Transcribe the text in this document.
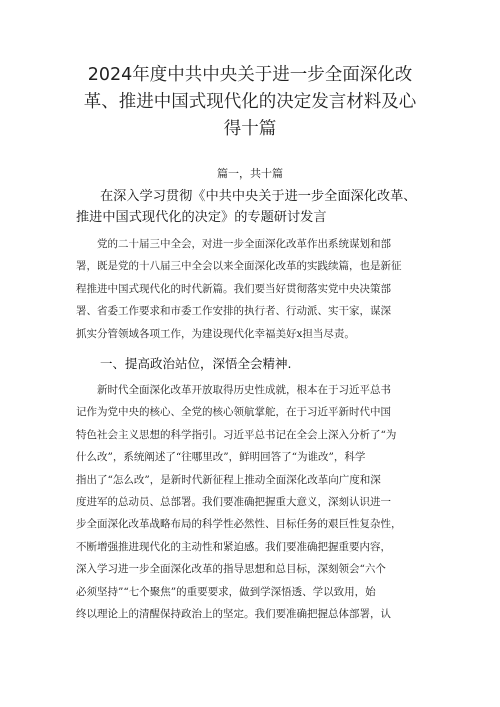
2024年度中共中央关于进一步全面深化改
革、推进中国式现代化的决定发言材料及心
得十篇
篇一，共十篇
在深入学习贯彻《中共中央关于进一步全面深化改革、
推进中国式现代化的决定》的专题研讨发言
　　党的二十届三中全会，对进一步全面深化改革作出系统谋划和部
署，既是党的十八届三中全会以来全面深化改革的实践续篇，也是新征
程推进中国式现代化的时代新篇。我们要当好贯彻落实党中央决策部
署、省委工作要求和市委工作安排的执行者、行动派、实干家，谋深
抓实分管领域各项工作，为建设现代化幸福美好x担当尽责。
一、提高政治站位，深悟全会精神.
　　新时代全面深化改革开放取得历史性成就，根本在于习近平总书
记作为党中央的核心、全党的核心领航掌舵，在于习近平新时代中国
特色社会主义思想的科学指引。习近平总书记在全会上深入分析了“为
什么改”，系统阐述了“往哪里改”，鲜明回答了“为谁改”，科学
指出了“怎么改”，是新时代新征程上推动全面深化改革向广度和深
度进军的总动员、总部署。我们要准确把握重大意义，深刻认识进一
步全面深化改革战略布局的科学性必然性、目标任务的艰巨性复杂性，
不断增强推进现代化的主动性和紧迫感。我们要准确把握重要内容，
深入学习进一步全面深化改革的指导思想和总目标，深刻领会“六个
必须坚持”“七个聚焦”的重要要求，做到学深悟透、学以致用，始
终以理论上的清醒保持政治上的坚定。我们要准确把握总体部署，认
